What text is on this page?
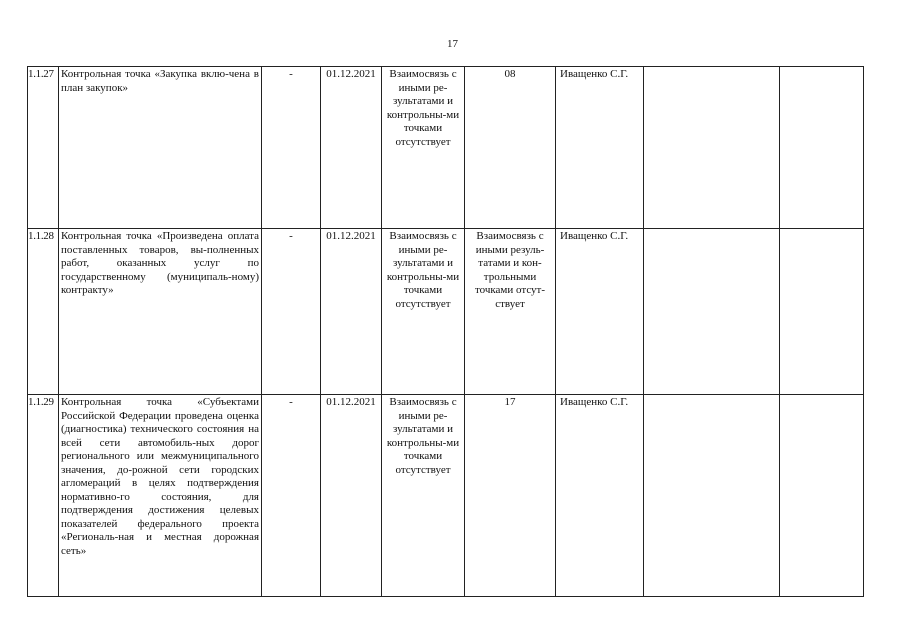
17
1.1.27	Контрольная точка «Закупка вклю-чена в план закупок»	-	01.12.2021	Взаимосвязь с иными ре-зультатами и контрольны-ми точками отсутствует	08	Иващенко С.Г.		
1.1.28	Контрольная точка «Произведена оплата поставленных товаров, вы-полненных работ, оказанных услуг по государственному (муниципаль-ному) контракту»	-	01.12.2021	Взаимосвязь с иными ре-зультатами и контрольны-ми точками отсутствует	Взаимосвязь с иными резуль-татами и кон-трольными точками отсут-ствует	Иващенко С.Г.		
1.1.29	Контрольная точка «Субъектами Российской Федерации проведена оценка (диагностика) технического состояния на всей сети автомобиль-ных дорог регионального или межмуниципального значения, до-рожной сети городских агломераций в целях подтверждения нормативно-го состояния, для подтверждения достижения целевых показателей федерального проекта «Региональ-ная и местная дорожная сеть»	-	01.12.2021	Взаимосвязь с иными ре-зультатами и контрольны-ми точками отсутствует	17	Иващенко С.Г.		
